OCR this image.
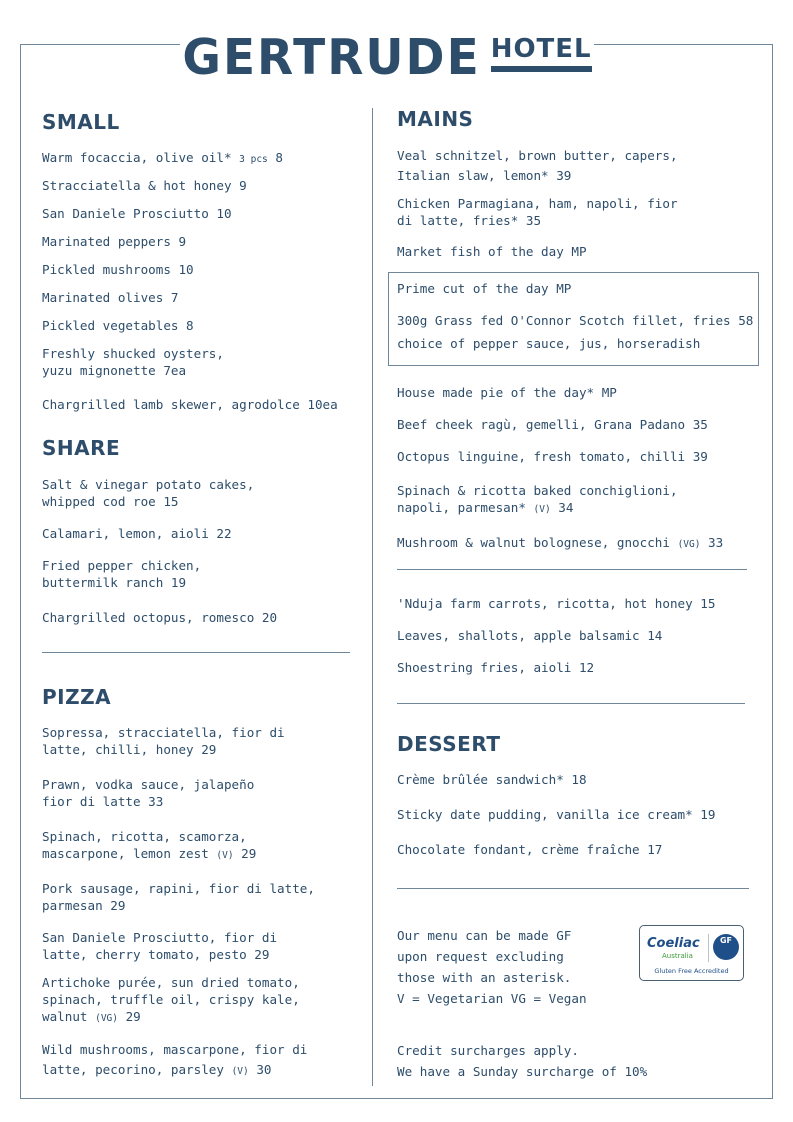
GERTRUDE HOTEL
SMALL
Warm focaccia, olive oil* 3 pcs 8
Stracciatella & hot honey 9
San Daniele Prosciutto 10
Marinated peppers 9
Pickled mushrooms 10
Marinated olives 7
Pickled vegetables 8
Freshly shucked oysters,
yuzu mignonette 7ea
Chargrilled lamb skewer, agrodolce 10ea
SHARE
Salt & vinegar potato cakes,
whipped cod roe 15
Calamari, lemon, aioli 22
Fried pepper chicken,
buttermilk ranch 19
Chargrilled octopus, romesco 20
PIZZA
Sopressa, stracciatella, fior di
latte, chilli, honey 29
Prawn, vodka sauce, jalapeño
fior di latte 33
Spinach, ricotta, scamorza,
mascarpone, lemon zest (V) 29
Pork sausage, rapini, fior di latte,
parmesan 29
San Daniele Prosciutto, fior di
latte, cherry tomato, pesto 29
Artichoke purée, sun dried tomato,
spinach, truffle oil, crispy kale,
walnut (VG) 29
Wild mushrooms, mascarpone, fior di
latte, pecorino, parsley (V) 30
MAINS
Veal schnitzel, brown butter, capers,
Italian slaw, lemon* 39
Chicken Parmagiana, ham, napoli, fior
di latte, fries* 35
Market fish of the day MP
Prime cut of the day MP
300g Grass fed O'Connor Scotch fillet, fries 58
choice of pepper sauce, jus, horseradish
House made pie of the day* MP
Beef cheek ragù, gemelli, Grana Padano 35
Octopus linguine, fresh tomato, chilli 39
Spinach & ricotta baked conchiglioni,
napoli, parmesan* (V) 34
Mushroom & walnut bolognese, gnocchi (VG) 33
'Nduja farm carrots, ricotta, hot honey 15
Leaves, shallots, apple balsamic 14
Shoestring fries, aioli 12
DESSERT
Crème brûlée sandwich* 18
Sticky date pudding, vanilla ice cream* 19
Chocolate fondant, crème fraîche 17
Our menu can be made GF
upon request excluding
those with an asterisk.
V = Vegetarian VG = Vegan
Coeliac
Australia
GF
Gluten Free Accredited
Credit surcharges apply.
We have a Sunday surcharge of 10%
